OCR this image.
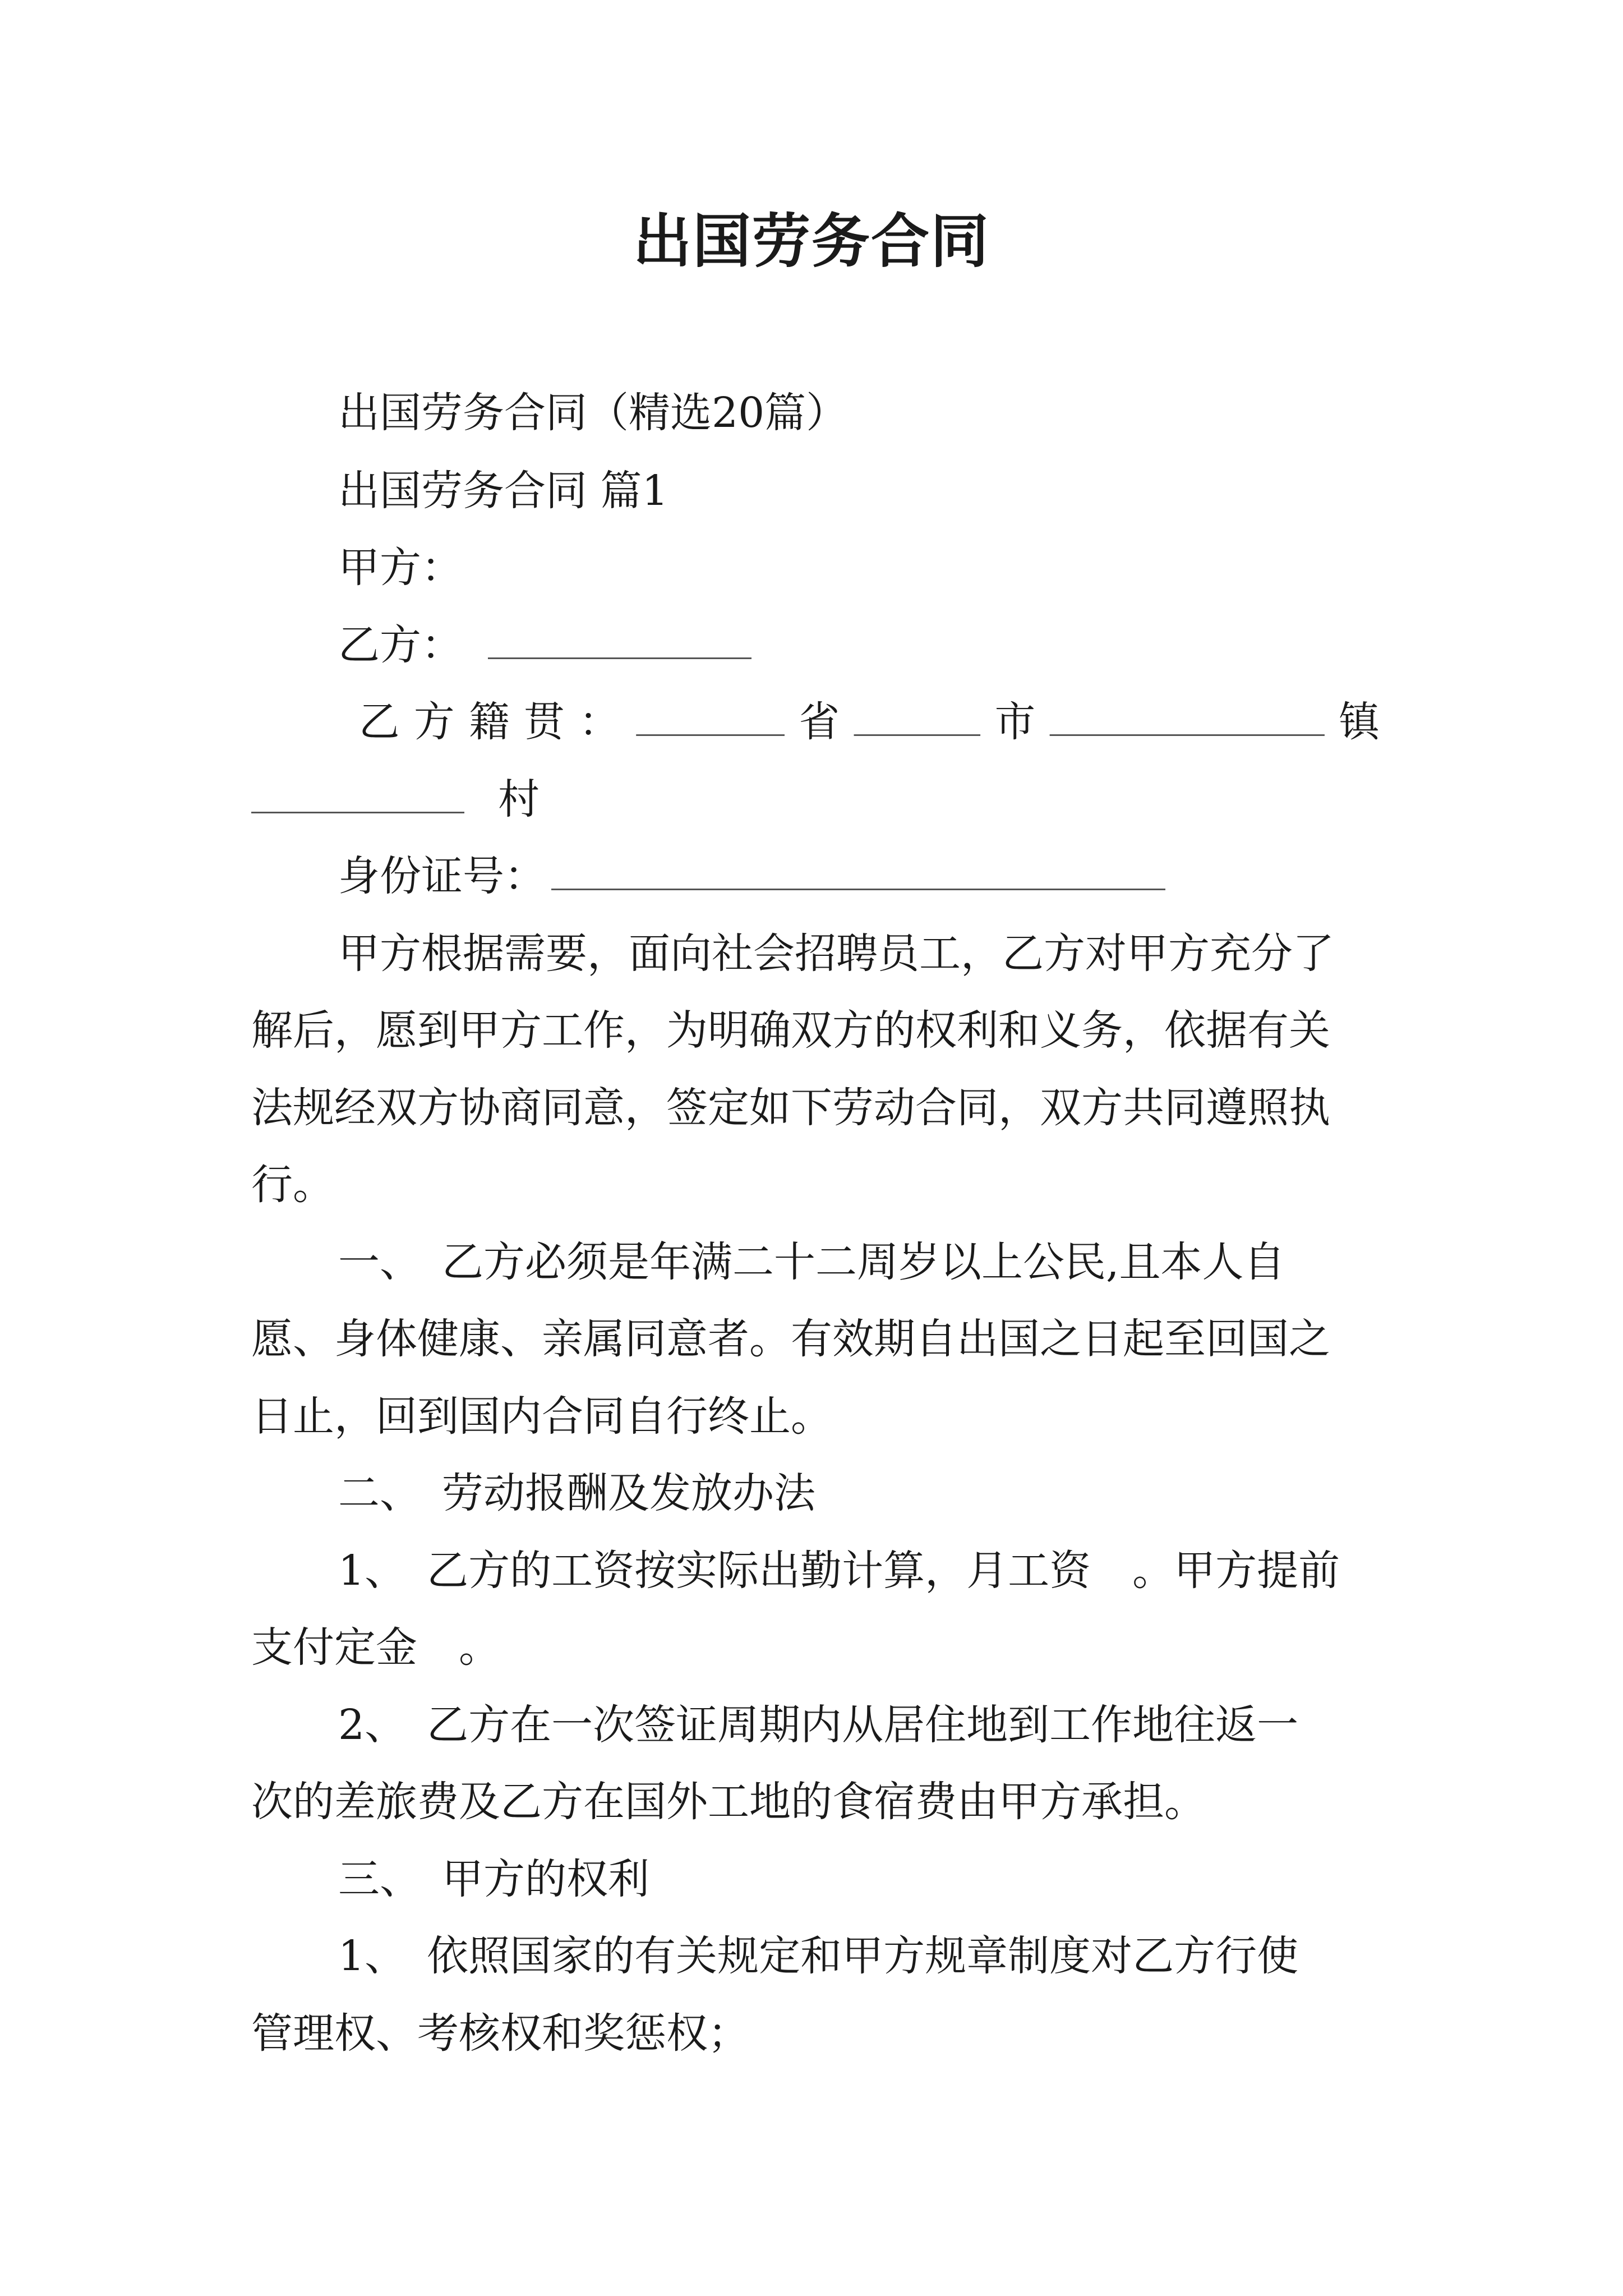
出国劳务合同
出国劳务合同（精选20篇）
出国劳务合同 篇1
甲方：
乙方：
乙方籍贯：	省	市	镇
村
身份证号：
甲方根据需要，面向社会招聘员工，乙方对甲方充分了
解后，愿到甲方工作，为明确双方的权利和义务，依据有关
法规经双方协商同意，签定如下劳动合同，双方共同遵照执
行。
一、　乙方必须是年满二十二周岁以上公民,且本人自
愿、身体健康、亲属同意者。有效期自出国之日起至回国之
日止，回到国内合同自行终止。
二、　劳动报酬及发放办法
1、　乙方的工资按实际出勤计算，月工资　。甲方提前
支付定金　。
2、　乙方在一次签证周期内从居住地到工作地往返一
次的差旅费及乙方在国外工地的食宿费由甲方承担。
三、　甲方的权利
1、　依照国家的有关规定和甲方规章制度对乙方行使
管理权、考核权和奖惩权；
